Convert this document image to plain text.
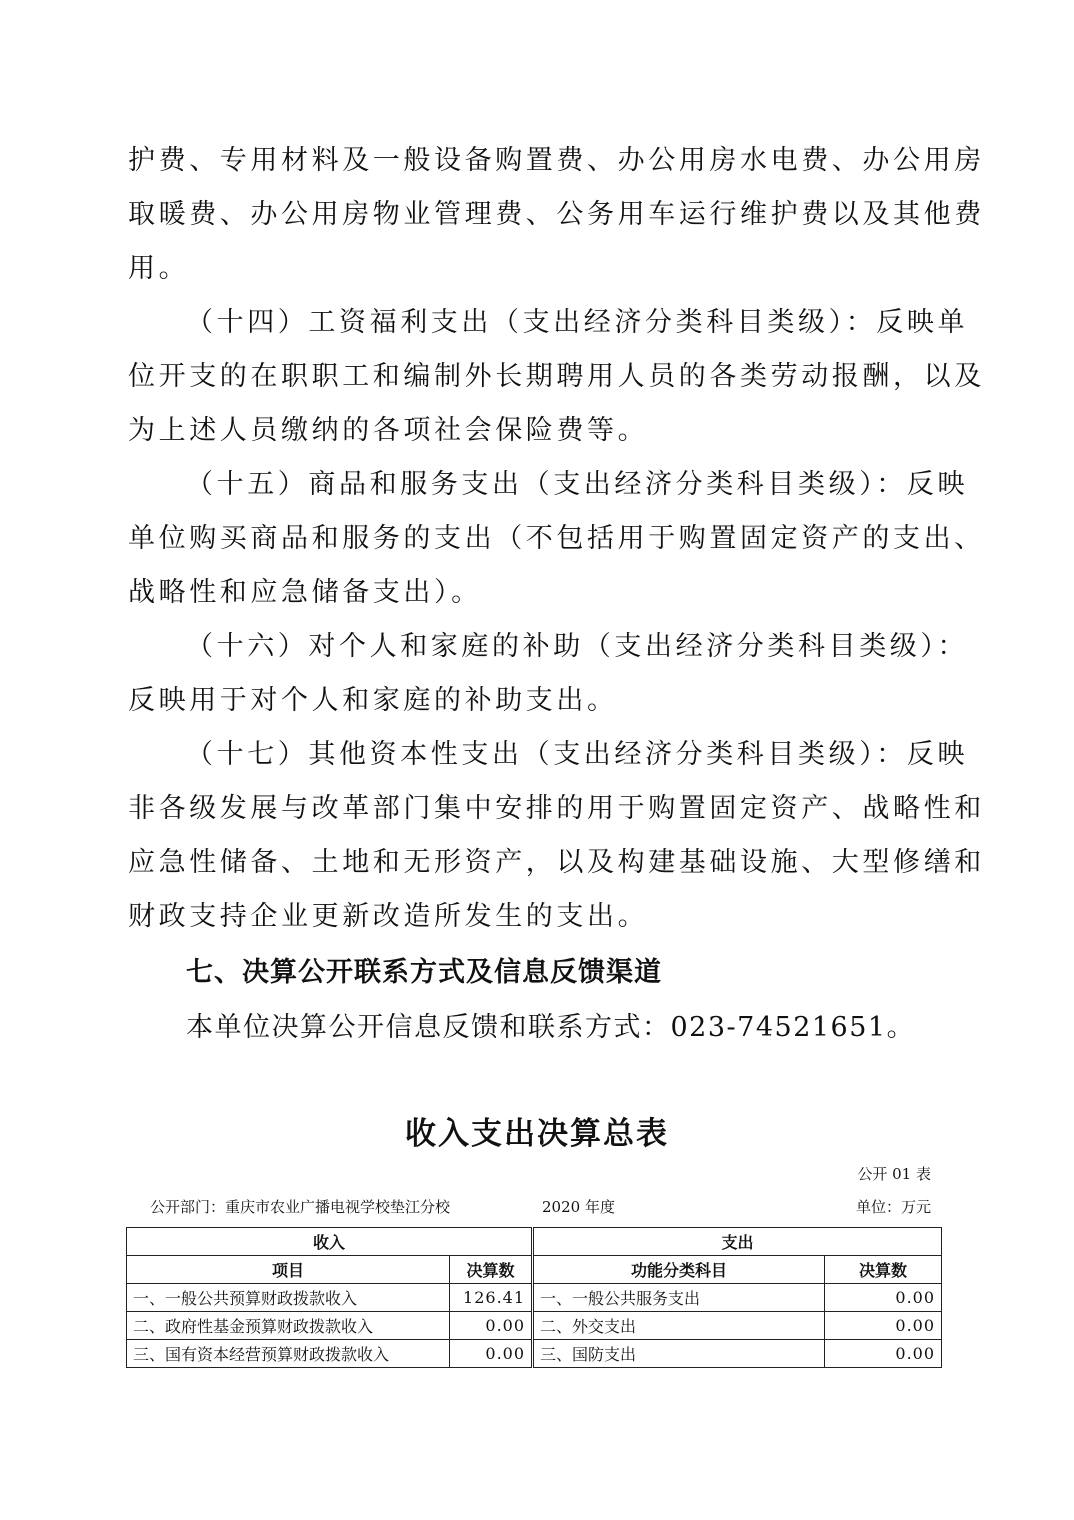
护费、专用材料及一般设备购置费、办公用房水电费、办公用房
取暖费、办公用房物业管理费、公务用车运行维护费以及其他费
用。
（十四）工资福利支出（支出经济分类科目类级）：反映单
位开支的在职职工和编制外长期聘用人员的各类劳动报酬，以及
为上述人员缴纳的各项社会保险费等。
（十五）商品和服务支出（支出经济分类科目类级）：反映
单位购买商品和服务的支出（不包括用于购置固定资产的支出、
战略性和应急储备支出）。
（十六）对个人和家庭的补助（支出经济分类科目类级）：
反映用于对个人和家庭的补助支出。
（十七）其他资本性支出（支出经济分类科目类级）：反映
非各级发展与改革部门集中安排的用于购置固定资产、战略性和
应急性储备、土地和无形资产，以及构建基础设施、大型修缮和
财政支持企业更新改造所发生的支出。
七、决算公开联系方式及信息反馈渠道
本单位决算公开信息反馈和联系方式：023-74521651。
收入支出决算总表
公开 01 表
公开部门：重庆市农业广播电视学校垫江分校	2020 年度	单位：万元
收入		支出	
项目	决算数	功能分类科目	决算数
一、一般公共预算财政拨款收入	126.41	一、一般公共服务支出	0.00
二、政府性基金预算财政拨款收入	0.00	二、外交支出	0.00
三、国有资本经营预算财政拨款收入	0.00	三、国防支出	0.00
